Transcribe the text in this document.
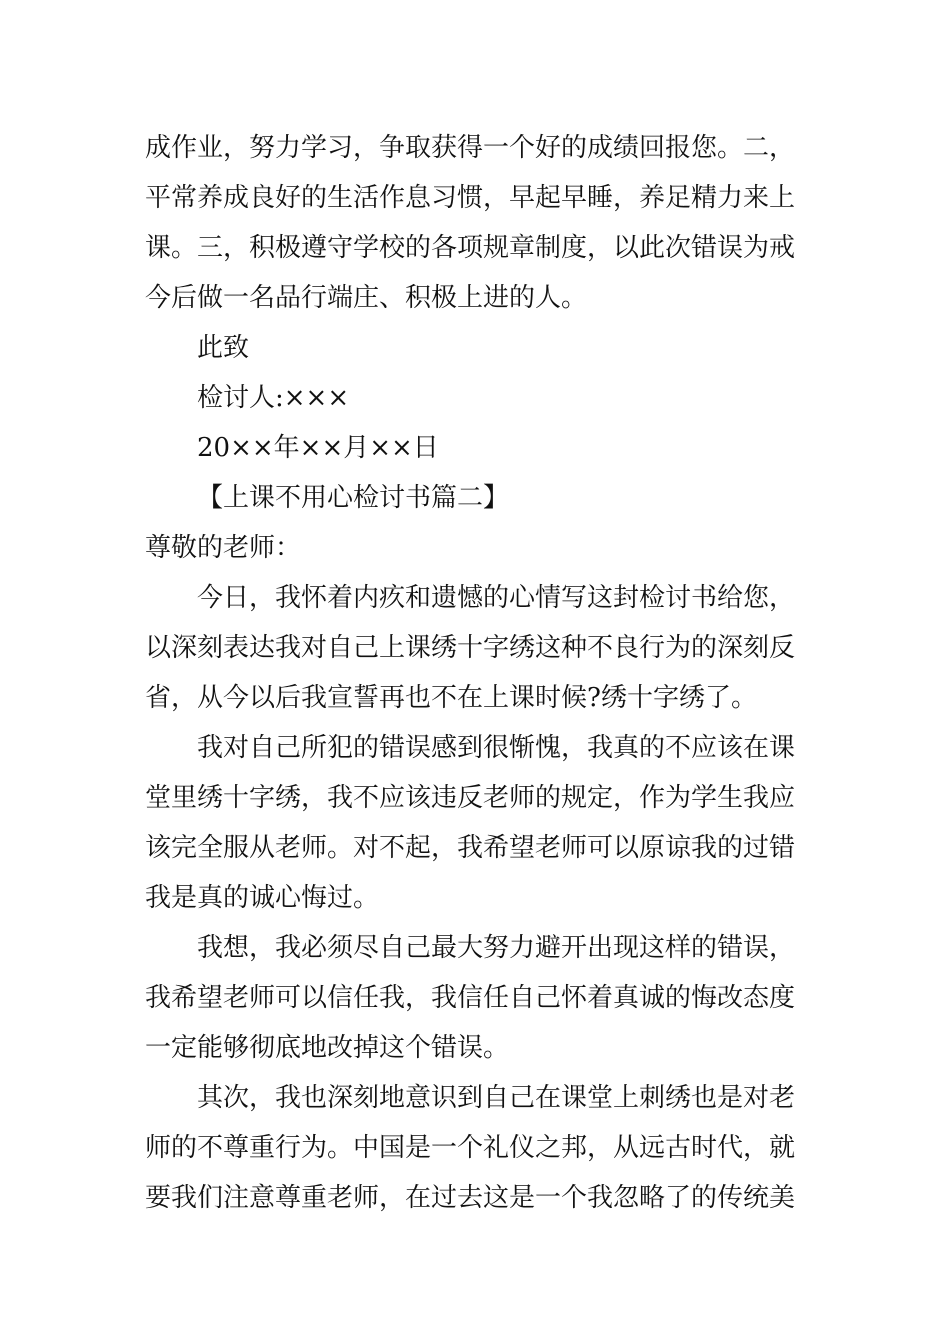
成作业，努力学习，争取获得一个好的成绩回报您。二，
平常养成良好的生活作息习惯，早起早睡，养足精力来上
课。三，积极遵守学校的各项规章制度，以此次错误为戒
今后做一名品行端庄、积极上进的人。
此致
检讨人:×××
20××年××月××日
【上课不用心检讨书篇二】
尊敬的老师：
今日，我怀着内疚和遗憾的心情写这封检讨书给您，
以深刻表达我对自己上课绣十字绣这种不良行为的深刻反
省，从今以后我宣誓再也不在上课时候?绣十字绣了。
我对自己所犯的错误感到很惭愧，我真的不应该在课
堂里绣十字绣，我不应该违反老师的规定，作为学生我应
该完全服从老师。对不起，我希望老师可以原谅我的过错
我是真的诚心悔过。
我想，我必须尽自己最大努力避开出现这样的错误，
我希望老师可以信任我，我信任自己怀着真诚的悔改态度
一定能够彻底地改掉这个错误。
其次，我也深刻地意识到自己在课堂上刺绣也是对老
师的不尊重行为。中国是一个礼仪之邦，从远古时代，就
要我们注意尊重老师，在过去这是一个我忽略了的传统美
